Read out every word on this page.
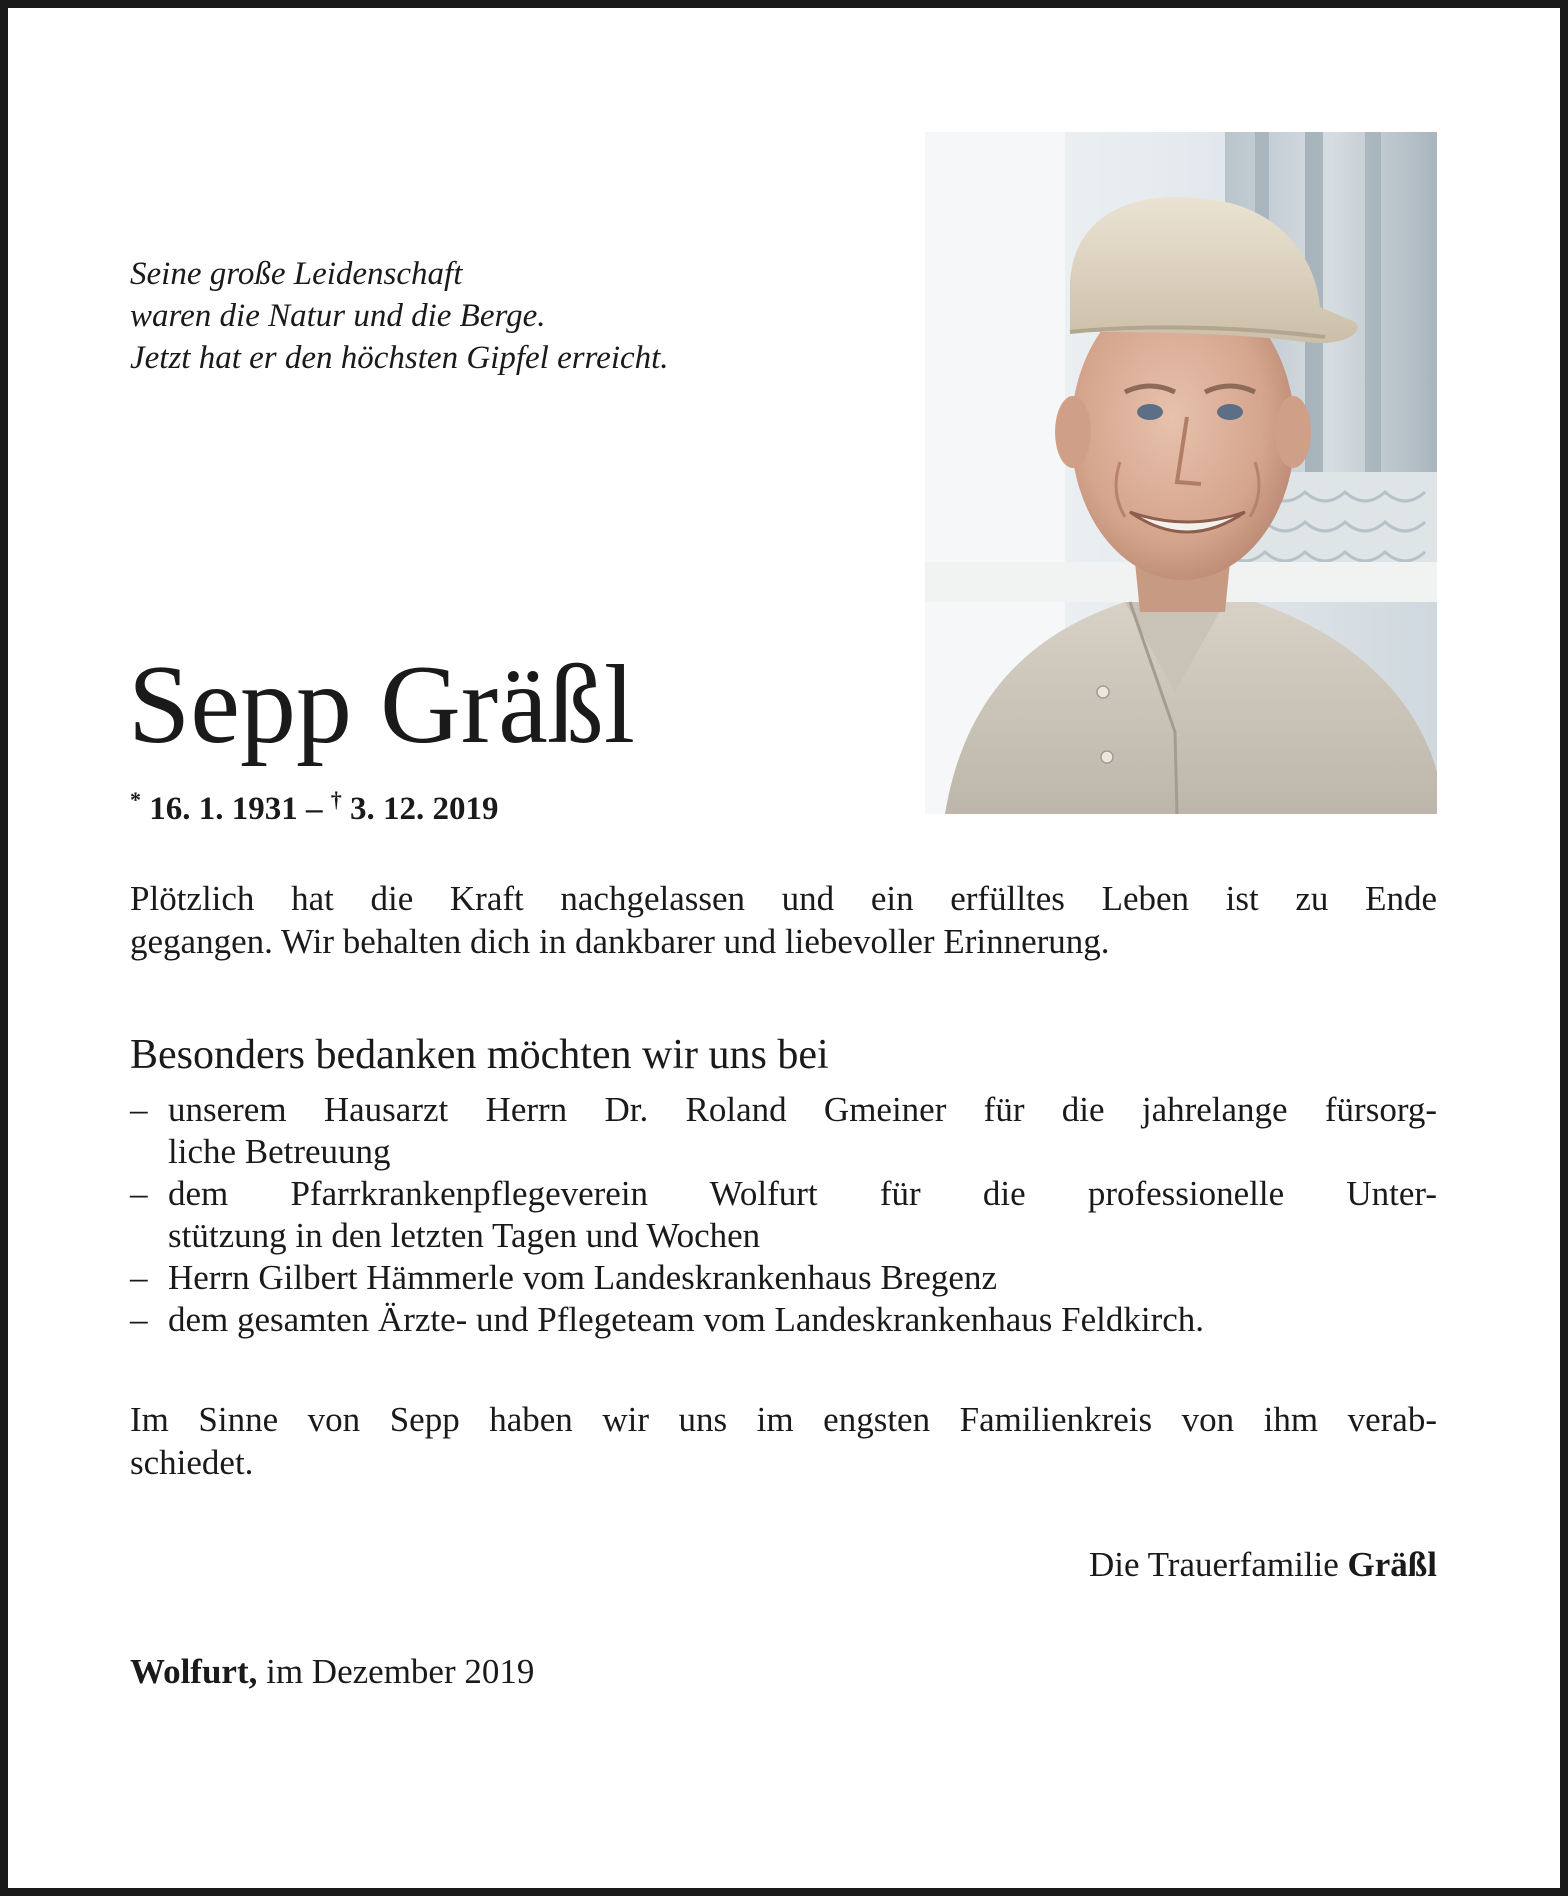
Seine große Leidenschaft
waren die Natur und die Berge.
Jetzt hat er den höchsten Gipfel erreicht.
Sepp Gräßl
* 16. 1. 1931 – † 3. 12. 2019
Plötzlich hat die Kraft nachgelassen und ein erfülltes Leben ist zu Ende
gegangen. Wir behalten dich in dankbarer und liebevoller Erinnerung.
Besonders bedanken möchten wir uns bei
– unserem Hausarzt Herrn Dr. Roland Gmeiner für die jahrelange fürsorg-
liche Betreuung
– dem Pfarrkrankenpflegeverein Wolfurt für die professionelle Unter-
stützung in den letzten Tagen und Wochen
– Herrn Gilbert Hämmerle vom Landeskrankenhaus Bregenz
– dem gesamten Ärzte- und Pflegeteam vom Landeskrankenhaus Feldkirch.
Im Sinne von Sepp haben wir uns im engsten Familienkreis von ihm verab-
schiedet.
Die Trauerfamilie Gräßl
Wolfurt, im Dezember 2019
